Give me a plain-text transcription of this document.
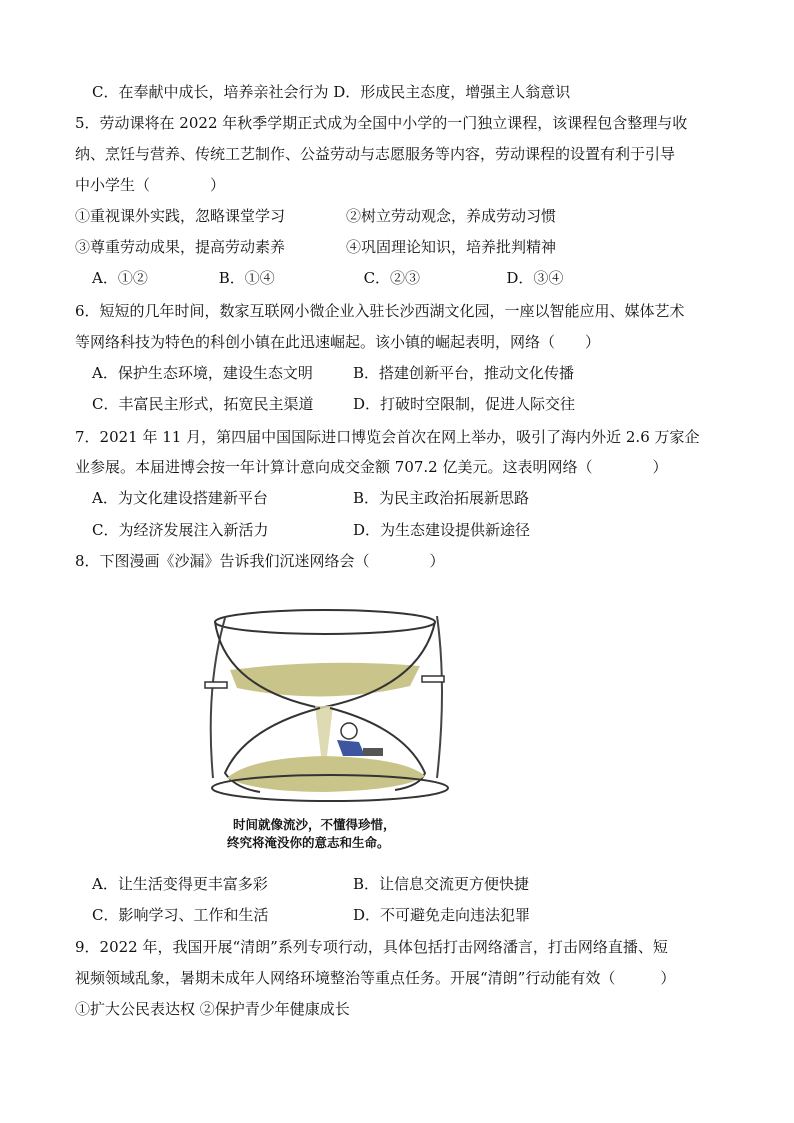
C．在奉献中成长，培养亲社会行为 D．形成民主态度，增强主人翁意识
5．劳动课将在 2022 年秋季学期正式成为全国中小学的一门独立课程，该课程包含整理与收
纳、烹饪与营养、传统工艺制作、公益劳动与志愿服务等内容，劳动课程的设置有利于引导
中小学生（　　　　）
①重视课外实践，忽略课堂学习	②树立劳动观念，养成劳动习惯
③尊重劳动成果，提高劳动素养	④巩固理论知识，培养批判精神
A．①②	B．①④	C．②③	D．③④
6．短短的几年时间，数家互联网小微企业入驻长沙西湖文化园，一座以智能应用、媒体艺术
等网络科技为特色的科创小镇在此迅速崛起。该小镇的崛起表明，网络（　　）
A．保护生态环境，建设生态文明	B．搭建创新平台，推动文化传播
C．丰富民主形式，拓宽民主渠道	D．打破时空限制，促进人际交往
7．2021 年 11 月，第四届中国国际进口博览会首次在网上举办，吸引了海内外近 2.6 万家企
业参展。本届进博会按一年计算计意向成交金额 707.2 亿美元。这表明网络（　　　　）
A．为文化建设搭建新平台	B．为民主政治拓展新思路
C．为经济发展注入新活力	D．为生态建设提供新途径
8．下图漫画《沙漏》告诉我们沉迷网络会（　　　　）
时间就像流沙，不懂得珍惜，
终究将淹没你的意志和生命。
A．让生活变得更丰富多彩	B．让信息交流更方便快捷
C．影响学习、工作和生活	D．不可避免走向违法犯罪
9．2022 年，我国开展“清朗”系列专项行动，具体包括打击网络潘言，打击网络直播、短
视频领域乱象，暑期未成年人网络环境整治等重点任务。开展“清朗”行动能有效（　　　）
①扩大公民表达权 ②保护青少年健康成长
